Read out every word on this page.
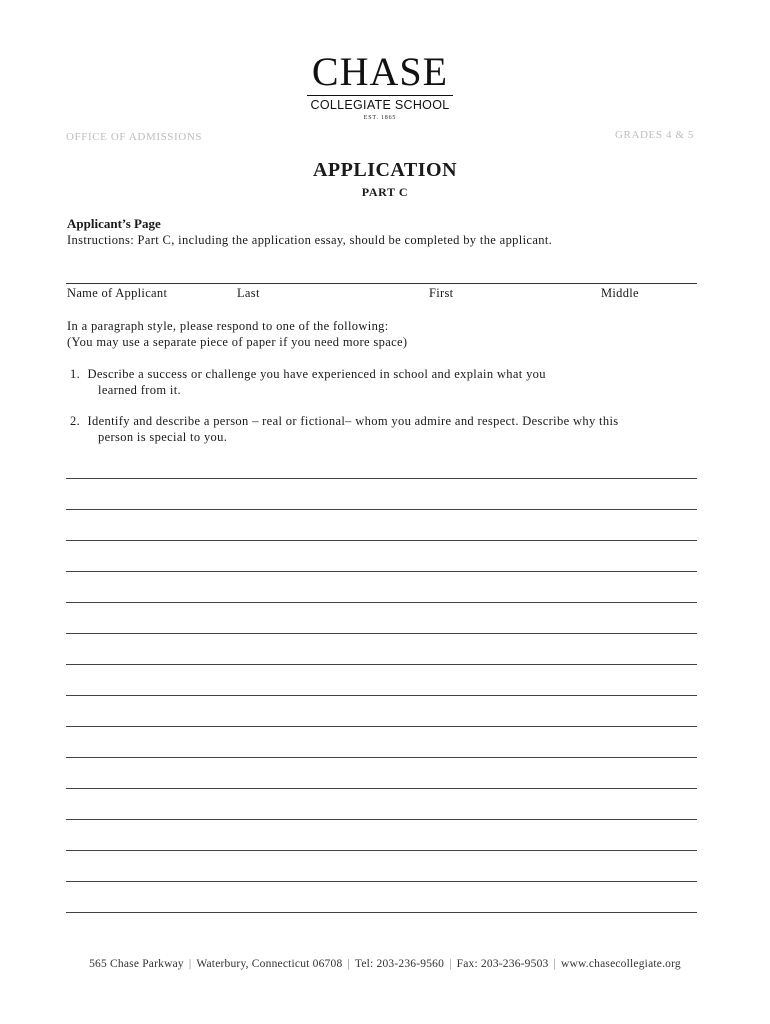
CHASE
COLLEGIATE SCHOOL
EST. 1865
OFFICE OF ADMISSIONS	GRADES 4 & 5
APPLICATION
PART C
Applicant’s Page
Instructions: Part C, including the application essay, should be completed by the applicant.
Name of Applicant	Last	First	Middle
In a paragraph style, please respond to one of the following:
(You may use a separate piece of paper if you need more space)
1. Describe a success or challenge you have experienced in school and explain what you
learned from it.
2. Identify and describe a person – real or fictional– whom you admire and respect. Describe why this
person is special to you.
565 Chase Parkway | Waterbury, Connecticut 06708 | Tel: 203-236-9560 | Fax: 203-236-9503 | www.chasecollegiate.org
